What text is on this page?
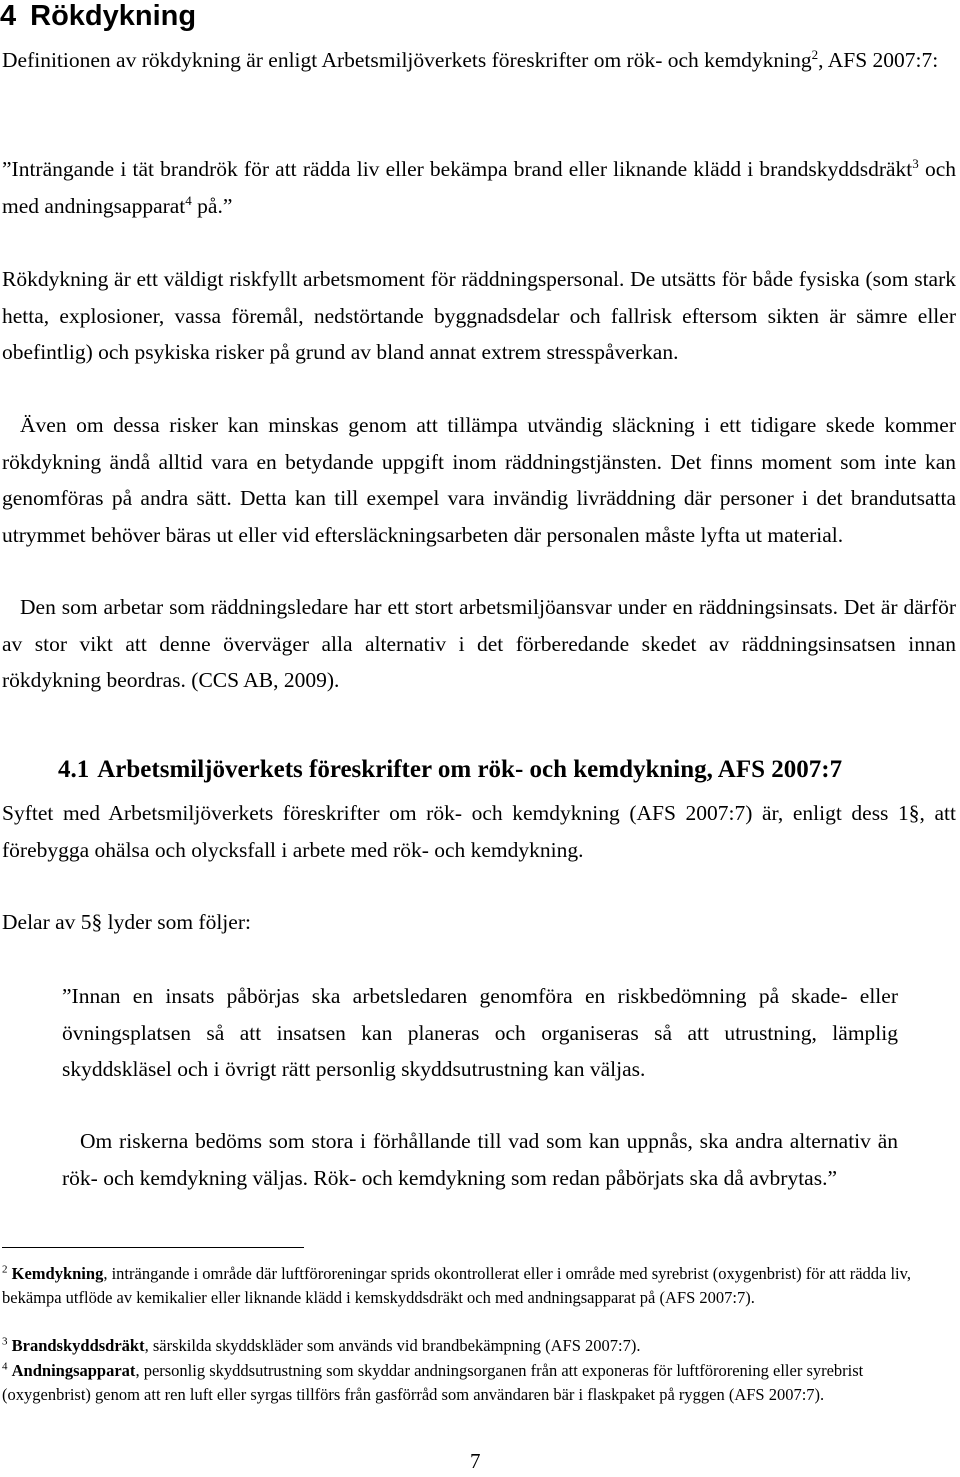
4 Rökdykning

Definitionen av rökdykning är enligt Arbetsmiljöverkets föreskrifter om rök- och kemdykning$^2$, AFS 2007:7:

”Inträngande i tät brandrök för att rädda liv eller bekämpa brand eller liknande klädd i brandskyddsdräkt$^3$ och med andningsapparat$^4$ på.”

Rökdykning är ett väldigt riskfyllt arbetsmoment för räddningspersonal. De utsätts för både fysiska (som stark hetta, explosioner, vassa föremål, nedstörtande byggnadsdelar och fallrisk eftersom sikten är sämre eller obefintlig) och psykiska risker på grund av bland annat extrem stresspåverkan.

Även om dessa risker kan minskas genom att tillämpa utvändig släckning i ett tidigare skede kommer rökdykning ändå alltid vara en betydande uppgift inom räddningstjänsten. Det finns moment som inte kan genomföras på andra sätt. Detta kan till exempel vara invändig livräddning där personer i det brandutsatta utrymmet behöver bäras ut eller vid eftersläckningsarbeten där personalen måste lyfta ut material.

Den som arbetar som räddningsledare har ett stort arbetsmiljöansvar under en räddningsinsats. Det är därför av stor vikt att denne överväger alla alternativ i det förberedande skedet av räddningsinsatsen innan rökdykning beordras. (CCS AB, 2009).

4.1 Arbetsmiljöverkets föreskrifter om rök- och kemdykning, AFS 2007:7

Syftet med Arbetsmiljöverkets föreskrifter om rök- och kemdykning (AFS 2007:7) är, enligt dess 1§, att förebygga ohälsa och olycksfall i arbete med rök- och kemdykning.

Delar av 5§ lyder som följer:

”Innan en insats påbörjas ska arbetsledaren genomföra en riskbedömning på skade- eller övningsplatsen så att insatsen kan planeras och organiseras så att utrustning, lämplig skyddskläsel och i övrigt rätt personlig skyddsutrustning kan väljas.

Om riskerna bedöms som stora i förhållande till vad som kan uppnås, ska andra alternativ än rök- och kemdykning väljas. Rök- och kemdykning som redan påbörjats ska då avbrytas.”

$^2$ Kemdykning, inträngande i område där luftföroreningar sprids okontrollerat eller i område med syrebrist (oxygenbrist) för att rädda liv, bekämpa utflöde av kemikalier eller liknande klädd i kemskyddsdräkt och med andningsapparat på (AFS 2007:7).

$^3$ Brandskyddsdräkt, särskilda skyddskläder som används vid brandbekämpning (AFS 2007:7).

$^4$ Andningsapparat, personlig skyddsutrustning som skyddar andningsorganen från att exponeras för luftförorening eller syrebrist (oxygenbrist) genom att ren luft eller syrgas tillförs från gasförråd som användaren bär i flaskpaket på ryggen (AFS 2007:7).

7
